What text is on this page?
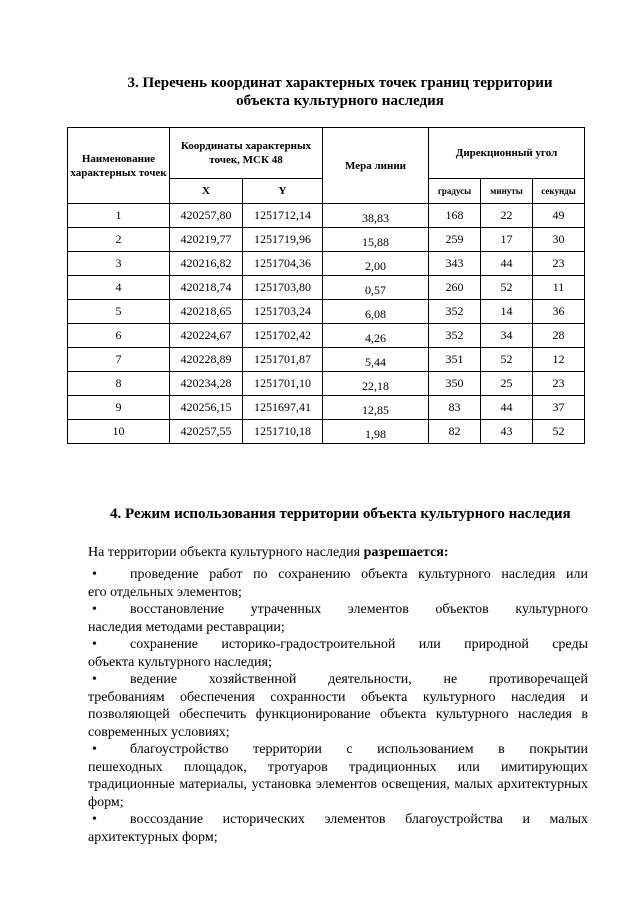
3. Перечень координат характерных точек границ территории
объекта культурного наследия
Наименование характерных точек	Координаты характерных точек, МСК 48		Мера линии	Дирекционный угол		
	X	Y		градусы	минуты	секунды
1	420257,80	1251712,14	38,83	168	22	49
2	420219,77	1251719,96	15,88	259	17	30
3	420216,82	1251704,36	2,00	343	44	23
4	420218,74	1251703,80	0,57	260	52	11
5	420218,65	1251703,24	6,08	352	14	36
6	420224,67	1251702,42	4,26	352	34	28
7	420228,89	1251701,87	5,44	351	52	12
8	420234,28	1251701,10	22,18	350	25	23
9	420256,15	1251697,41	12,85	83	44	37
10	420257,55	1251710,18	1,98	82	43	52
4. Режим использования территории объекта культурного наследия
На территории объекта культурного наследия разрешается:
• проведение работ по сохранению объекта культурного наследия или
его отдельных элементов;
• восстановление утраченных элементов объектов культурного
наследия методами реставрации;
• сохранение историко-градостроительной или природной среды
объекта культурного наследия;
• ведение хозяйственной деятельности, не противоречащей
требованиям обеспечения сохранности объекта культурного наследия и позволяющей обеспечить функционирование объекта культурного наследия в современных условиях;
• благоустройство территории с использованием в покрытии
пешеходных площадок, тротуаров традиционных или имитирующих традиционные материалы, установка элементов освещения, малых архитектурных форм;
• воссоздание исторических элементов благоустройства и малых
архитектурных форм;
